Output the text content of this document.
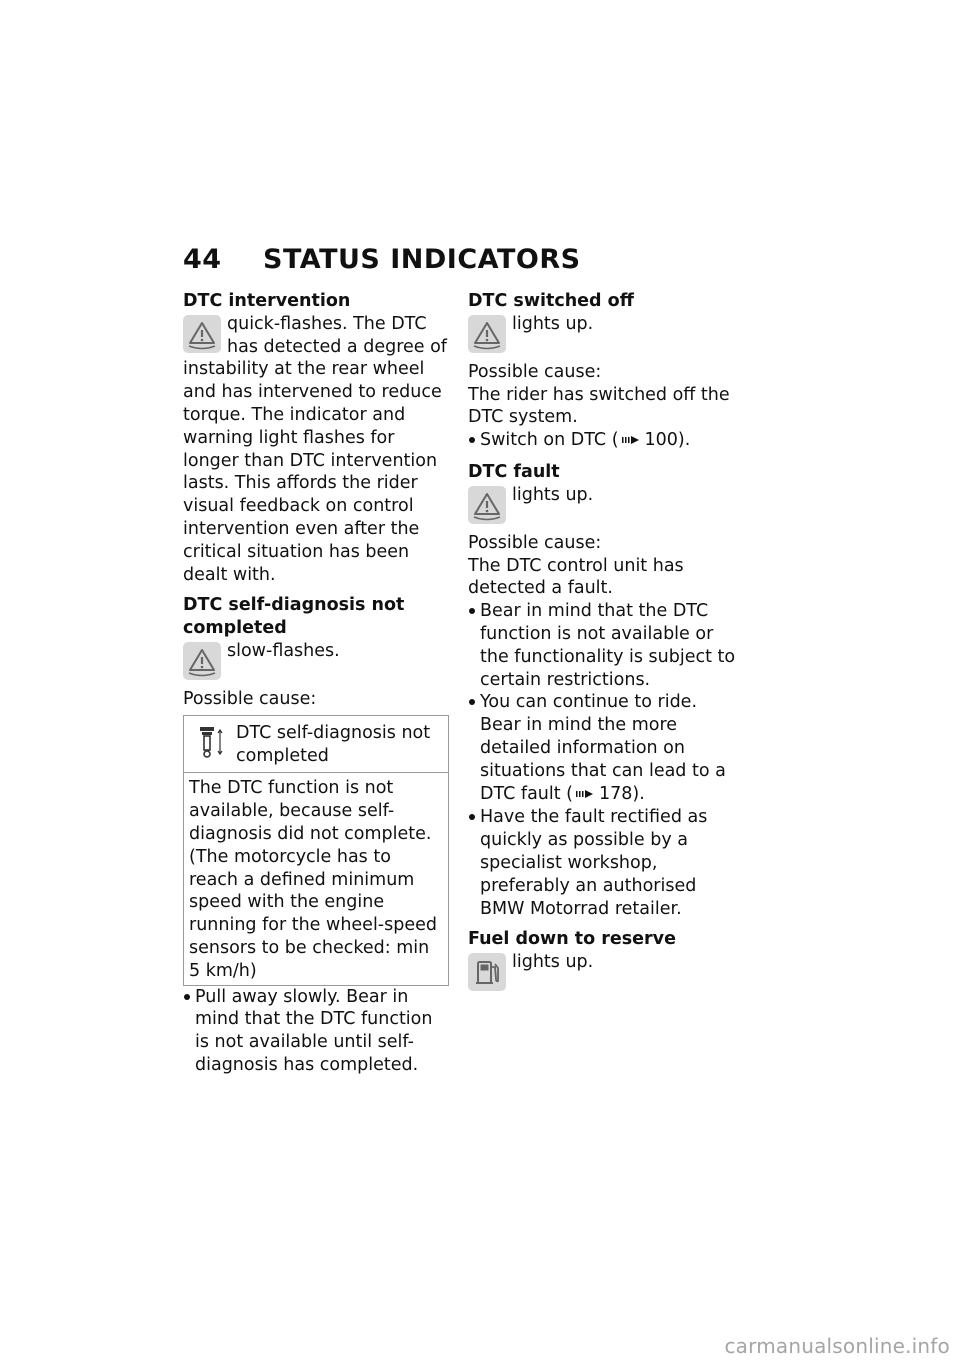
44 STATUS INDICATORS
DTC intervention
quick-flashes. The DTC has detected a degree of instability at the rear wheel and has intervened to reduce torque. The indicator and warning light flashes for longer than DTC intervention lasts. This affords the rider visual feedback on control intervention even after the critical situation has been dealt with.
DTC self-diagnosis not completed
slow-flashes.

Possible cause:

DTC self-diagnosis not completed
The DTC function is not available, because self-diagnosis did not complete. (The motorcycle has to reach a defined minimum speed with the engine running for the wheel-speed sensors to be checked: min 5 km/h)
Pull away slowly. Bear in mind that the DTC function is not available until self-diagnosis has completed.
DTC switched off
lights up.

Possible cause:

The rider has switched off the DTC system.

Switch on DTC ( 100).
DTC fault
lights up.

Possible cause:

The DTC control unit has detected a fault.

Bear in mind that the DTC function is not available or the functionality is subject to certain restrictions.
You can continue to ride. Bear in mind the more detailed information on situations that can lead to a DTC fault ( 178).
Have the fault rectified as quickly as possible by a specialist workshop, preferably an authorised BMW Motorrad retailer.
Fuel down to reserve
lights up.
carmanualsonline.info
